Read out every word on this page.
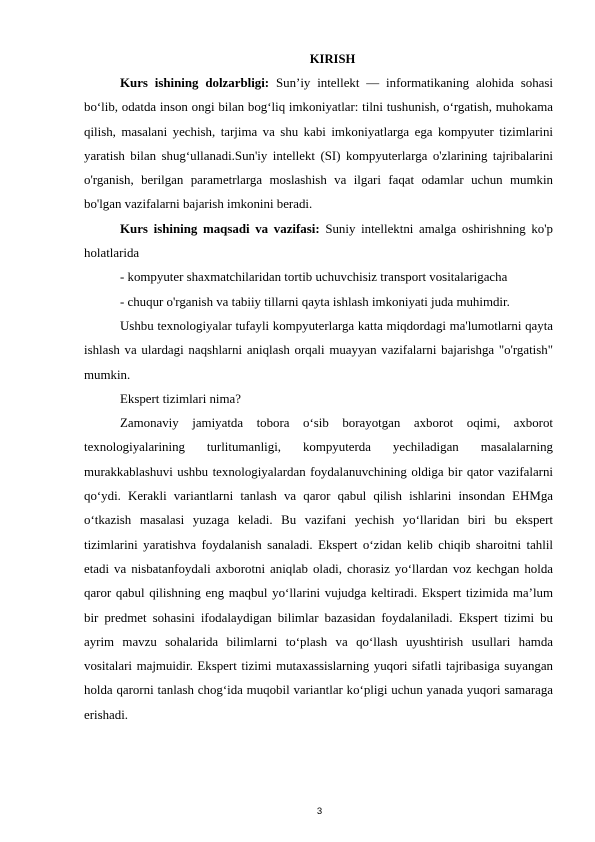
KIRISH

Kurs ishining dolzarbligi: Sun’iy intellekt — informatikaning alohida sohasi bo‘lib, odatda inson ongi bilan bog‘liq imkoniyatlar: tilni tushunish, o‘rgatish, muhokama qilish, masalani yechish, tarjima va shu kabi imkoniyatlarga ega kompyuter tizimlarini yaratish bilan shug‘ullanadi.Sun'iy intellekt (SI) kompyuterlarga o'zlarining tajribalarini o'rganish, berilgan parametrlarga moslashish va ilgari faqat odamlar uchun mumkin bo'lgan vazifalarni bajarish imkonini beradi.

Kurs ishining maqsadi va vazifasi: Suniy intellektni amalga oshirishning ko'p holatlarida

- kompyuter shaxmatchilaridan tortib uchuvchisiz transport vositalarigacha

- chuqur o'rganish va tabiiy tillarni qayta ishlash imkoniyati juda muhimdir.

Ushbu texnologiyalar tufayli kompyuterlarga katta miqdordagi ma'lumotlarni qayta ishlash va ulardagi naqshlarni aniqlash orqali muayyan vazifalarni bajarishga "o'rgatish" mumkin.

Ekspert tizimlari nima?

Zamonaviy jamiyatda tobora o‘sib borayotgan axborot oqimi, axborot texnologiyalarining turlitumanligi, kompyuterda yechiladigan masalalarning murakkablashuvi ushbu texnologiyalardan foydalanuvchining oldiga bir qator vazifalarni qo‘ydi. Kerakli variantlarni tanlash va qaror qabul qilish ishlarini insondan EHMga o‘tkazish masalasi yuzaga keladi. Bu vazifani yechish yo‘llaridan biri bu ekspert tizimlarini yaratishva foydalanish sanaladi. Ekspert o‘zidan kelib chiqib sharoitni tahlil etadi va nisbatanfoydali axborotni aniqlab oladi, chorasiz yo‘llardan voz kechgan holda qaror qabul qilishning eng maqbul yo‘llarini vujudga keltiradi. Ekspert tizimida ma’lum bir predmet sohasini ifodalaydigan bilimlar bazasidan foydalaniladi. Ekspert tizimi bu ayrim mavzu sohalarida bilimlarni to‘plash va qo‘llash uyushtirish usullari hamda vositalari majmuidir. Ekspert tizimi mutaxassislarning yuqori sifatli tajribasiga suyangan holda qarorni tanlash chog‘ida muqobil variantlar ko‘pligi uchun yanada yuqori samaraga erishadi.

3
